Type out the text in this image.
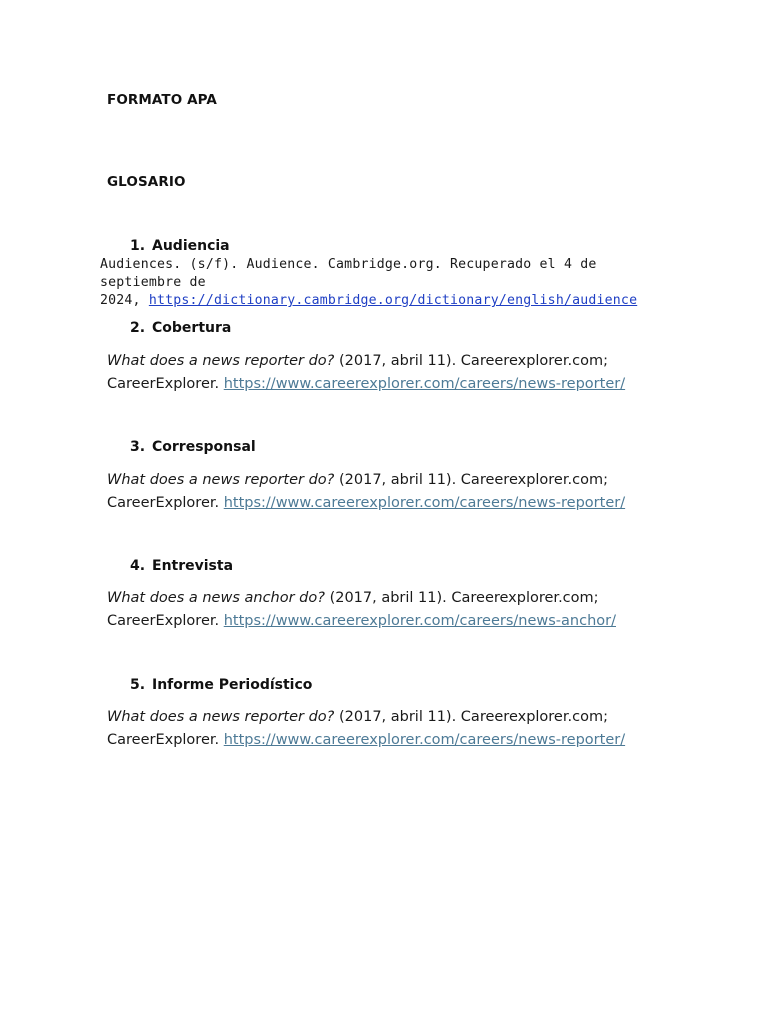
FORMATO APA
GLOSARIO
1. Audiencia
Audiences. (s/f). Audience. Cambridge.org. Recuperado el 4 de septiembre de
2024, https://dictionary.cambridge.org/dictionary/english/audience
2. Cobertura
What does a news reporter do? (2017, abril 11). Careerexplorer.com;
CareerExplorer. https://www.careerexplorer.com/careers/news-reporter/
3. Corresponsal
What does a news reporter do? (2017, abril 11). Careerexplorer.com;
CareerExplorer. https://www.careerexplorer.com/careers/news-reporter/
4. Entrevista
What does a news anchor do? (2017, abril 11). Careerexplorer.com;
CareerExplorer. https://www.careerexplorer.com/careers/news-anchor/
5. Informe Periodístico
What does a news reporter do? (2017, abril 11). Careerexplorer.com;
CareerExplorer. https://www.careerexplorer.com/careers/news-reporter/
